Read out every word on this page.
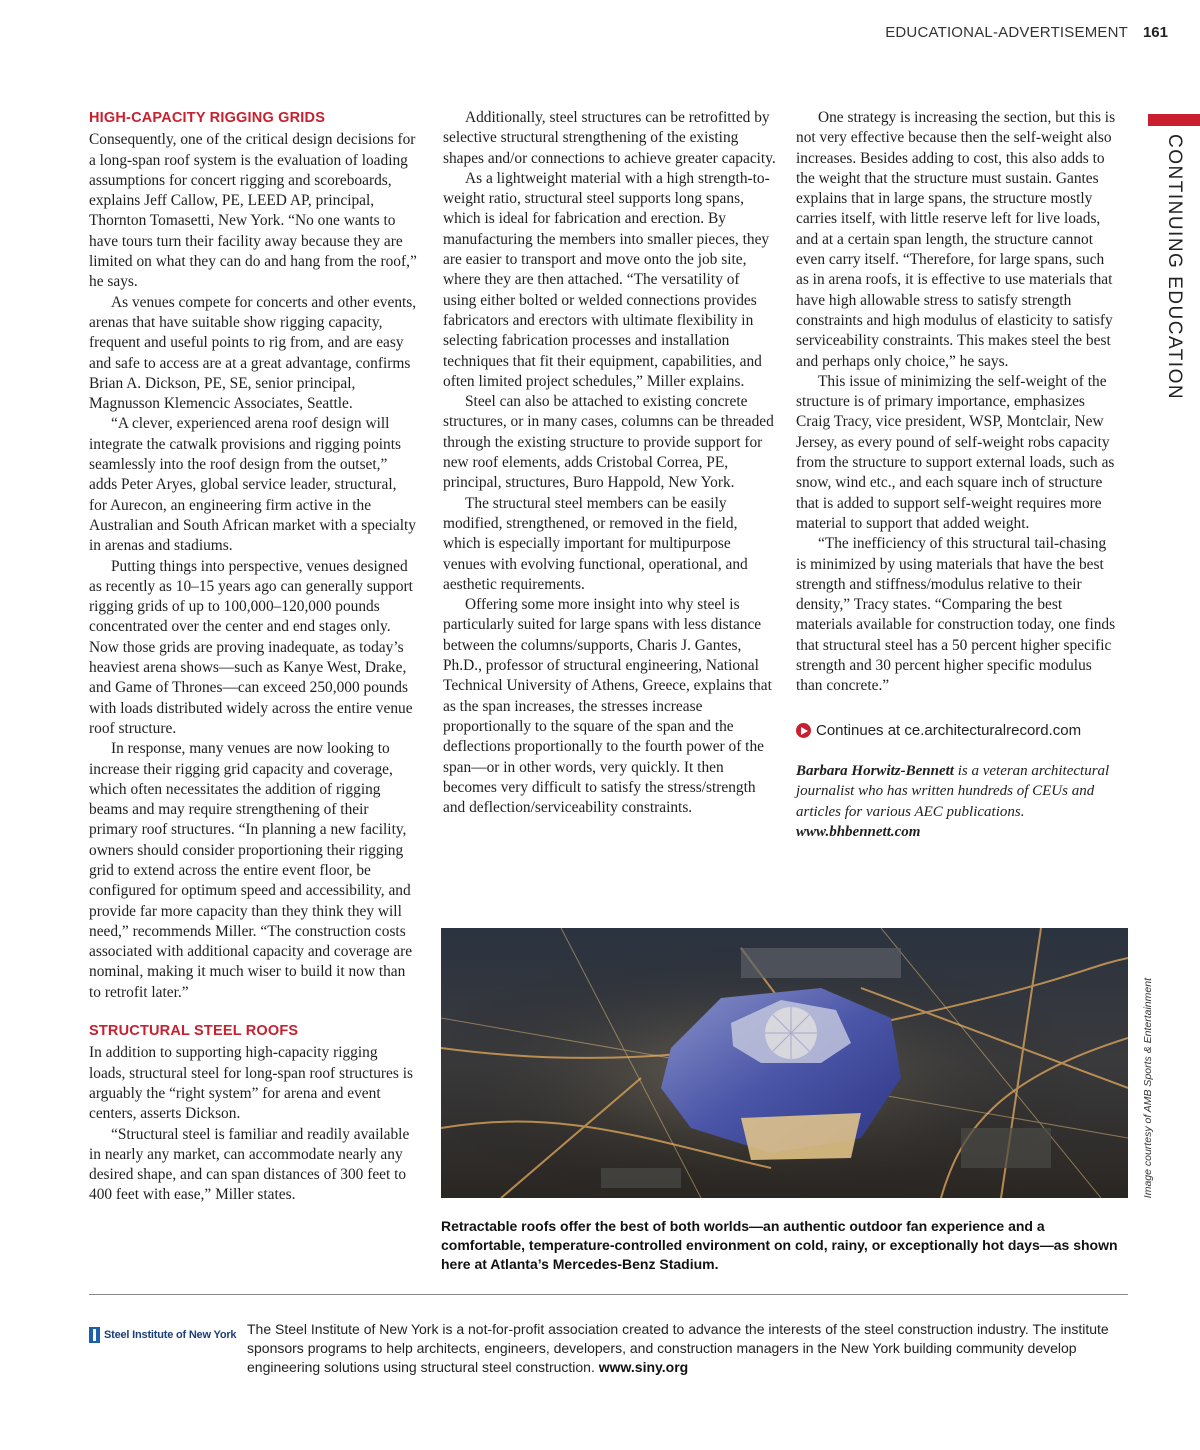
EDUCATIONAL-ADVERTISEMENT 161
CONTINUING EDUCATION
HIGH-CAPACITY RIGGING GRIDS

Consequently, one of the critical design decisions for a long-span roof system is the evaluation of loading assumptions for concert rigging and scoreboards, explains Jeff Callow, PE, LEED AP, principal, Thornton Tomasetti, New York. “No one wants to have tours turn their facility away because they are limited on what they can do and hang from the roof,” he says.

As venues compete for concerts and other events, arenas that have suitable show rigging capacity, frequent and useful points to rig from, and are easy and safe to access are at a great advantage, confirms Brian A. Dickson, PE, SE, senior principal, Magnusson Klemencic Associates, Seattle.

“A clever, experienced arena roof design will integrate the catwalk provisions and rigging points seamlessly into the roof design from the outset,” adds Peter Aryes, global service leader, structural, for Aurecon, an engineering firm active in the Australian and South African market with a specialty in arenas and stadiums.

Putting things into perspective, venues designed as recently as 10–15 years ago can generally support rigging grids of up to 100,000–120,000 pounds concentrated over the center and end stages only. Now those grids are proving inadequate, as today’s heaviest arena shows—such as Kanye West, Drake, and Game of Thrones—can exceed 250,000 pounds with loads distributed widely across the entire venue roof structure.

In response, many venues are now looking to increase their rigging grid capacity and coverage, which often necessitates the addition of rigging beams and may require strengthening of their primary roof structures. “In planning a new facility, owners should consider proportioning their rigging grid to extend across the entire event floor, be configured for optimum speed and accessibility, and provide far more capacity than they think they will need,” recommends Miller. “The construction costs associated with additional capacity and coverage are nominal, making it much wiser to build it now than to retrofit later.”

STRUCTURAL STEEL ROOFS

In addition to supporting high-capacity rigging loads, structural steel for long-span roof structures is arguably the “right system” for arena and event centers, asserts Dickson.

“Structural steel is familiar and readily available in nearly any market, can accommodate nearly any desired shape, and can span distances of 300 feet to 400 feet with ease,” Miller states.

Additionally, steel structures can be retrofitted by selective structural strengthening of the existing shapes and/or connections to achieve greater capacity.

As a lightweight material with a high strength-to-weight ratio, structural steel supports long spans, which is ideal for fabrication and erection. By manufacturing the members into smaller pieces, they are easier to transport and move onto the job site, where they are then attached. “The versatility of using either bolted or welded connections provides fabricators and erectors with ultimate flexibility in selecting fabrication processes and installation techniques that fit their equipment, capabilities, and often limited project schedules,” Miller explains.

Steel can also be attached to existing concrete structures, or in many cases, columns can be threaded through the existing structure to provide support for new roof elements, adds Cristobal Correa, PE, principal, structures, Buro Happold, New York.

The structural steel members can be easily modified, strengthened, or removed in the field, which is especially important for multipurpose venues with evolving functional, operational, and aesthetic requirements.

Offering some more insight into why steel is particularly suited for large spans with less distance between the columns/supports, Charis J. Gantes, Ph.D., professor of structural engineering, National Technical University of Athens, Greece, explains that as the span increases, the stresses increase proportionally to the square of the span and the deflections proportionally to the fourth power of the span—or in other words, very quickly. It then becomes very difficult to satisfy the stress/strength and deflection/serviceability constraints.

One strategy is increasing the section, but this is not very effective because then the self-weight also increases. Besides adding to cost, this also adds to the weight that the structure must sustain. Gantes explains that in large spans, the structure mostly carries itself, with little reserve left for live loads, and at a certain span length, the structure cannot even carry itself. “Therefore, for large spans, such as in arena roofs, it is effective to use materials that have high allowable stress to satisfy strength constraints and high modulus of elasticity to satisfy serviceability constraints. This makes steel the best and perhaps only choice,” he says.

This issue of minimizing the self-weight of the structure is of primary importance, emphasizes Craig Tracy, vice president, WSP, Montclair, New Jersey, as every pound of self-weight robs capacity from the structure to support external loads, such as snow, wind etc., and each square inch of structure that is added to support self-weight requires more material to support that added weight.

“The inefficiency of this structural tail-chasing is minimized by using materials that have the best strength and stiffness/modulus relative to their density,” Tracy states. “Comparing the best materials available for construction today, one finds that structural steel has a 50 percent higher specific strength and 30 percent higher specific modulus than concrete.”

Continues at ce.architecturalrecord.com
Barbara Horwitz-Bennett is a veteran architectural journalist who has written hundreds of CEUs and articles for various AEC publications.
www.bhbennett.com
Image courtesy of AMB Sports & Entertainment
Retractable roofs offer the best of both worlds—an authentic outdoor fan experience and a comfortable, temperature-controlled environment on cold, rainy, or exceptionally hot days—as shown here at Atlanta’s Mercedes-Benz Stadium.
Steel Institute of New York The Steel Institute of New York is a not-for-profit association created to advance the interests of the steel construction industry. The institute sponsors programs to help architects, engineers, developers, and construction managers in the New York building community develop engineering solutions using structural steel construction. www.siny.org
